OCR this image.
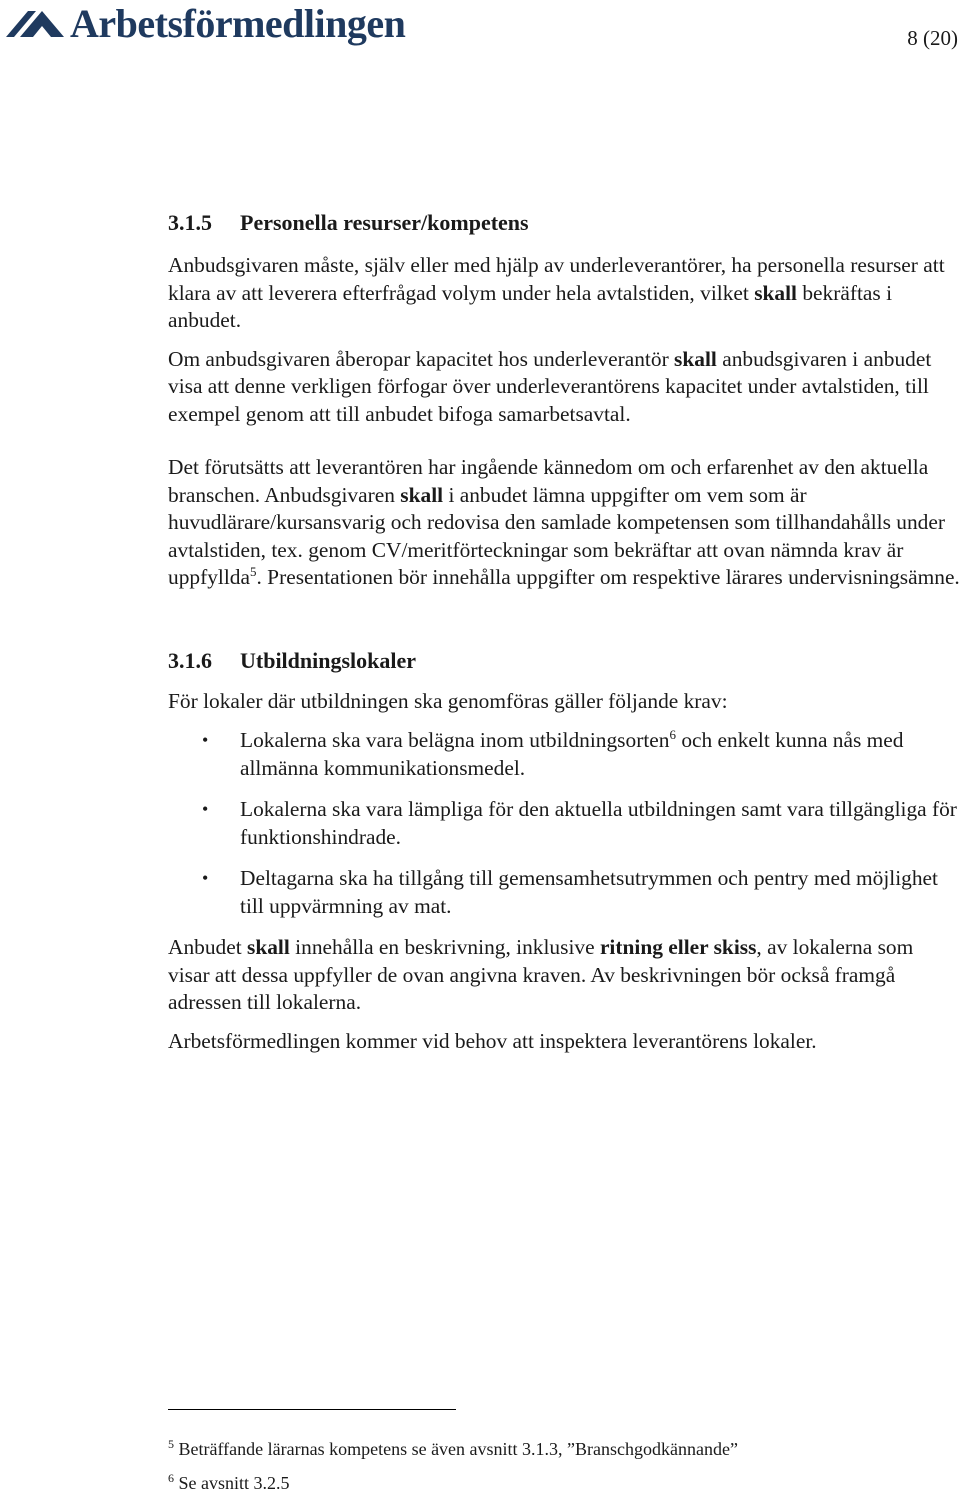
Arbetsförmedlingen	8 (20)
3.1.5 Personella resurser/kompetens

Anbudsgivaren måste, själv eller med hjälp av underleverantörer, ha personella resurser att klara av att leverera efterfrågad volym under hela avtalstiden, vilket skall bekräftas i anbudet.

Om anbudsgivaren åberopar kapacitet hos underleverantör skall anbudsgivaren i anbudet visa att denne verkligen förfogar över underleverantörens kapacitet under avtalstiden, till exempel genom att till anbudet bifoga samarbetsavtal.

Det förutsätts att leverantören har ingående kännedom om och erfarenhet av den aktuella branschen. Anbudsgivaren skall i anbudet lämna uppgifter om vem som är huvudlärare/kursansvarig och redovisa den samlade kompetensen som tillhandahålls under avtalstiden, tex. genom CV/meritförteckningar som bekräftar att ovan nämnda krav är uppfyllda$^5$. Presentationen bör innehålla uppgifter om respektive lärares undervisningsämne.

3.1.6 Utbildningslokaler

För lokaler där utbildningen ska genomföras gäller följande krav:

• Lokalerna ska vara belägna inom utbildningsorten$^6$ och enkelt kunna nås med allmänna kommunikationsmedel.
• Lokalerna ska vara lämpliga för den aktuella utbildningen samt vara tillgängliga för funktionshindrade.
• Deltagarna ska ha tillgång till gemensamhetsutrymmen och pentry med möjlighet till uppvärmning av mat.

Anbudet skall innehålla en beskrivning, inklusive ritning eller skiss, av lokalerna som visar att dessa uppfyller de ovan angivna kraven. Av beskrivningen bör också framgå adressen till lokalerna.

Arbetsförmedlingen kommer vid behov att inspektera leverantörens lokaler.

$^5$ Beträffande lärarnas kompetens se även avsnitt 3.1.3, ”Branschgodkännande”
$^6$ Se avsnitt 3.2.5
